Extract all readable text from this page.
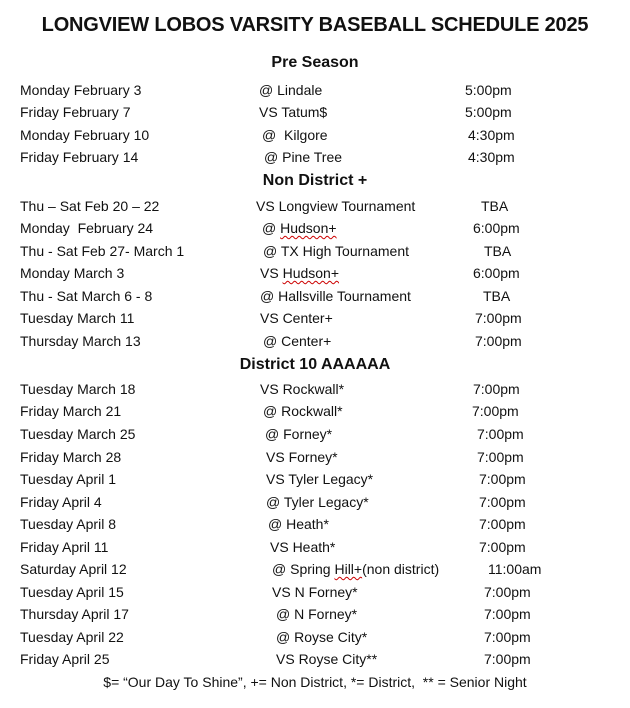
LONGVIEW LOBOS VARSITY BASEBALL SCHEDULE 2025
Pre Season
Monday February 3	@ Lindale	5:00pm
Friday February 7	VS Tatum$	5:00pm
Monday February 10	@  Kilgore	4:30pm
Friday February 14	@ Pine Tree	4:30pm
Non District +
Thu – Sat Feb 20 – 22	VS Longview Tournament	TBA
Monday  February 24	@ Hudson+	6:00pm
Thu - Sat Feb 27- March 1	@ TX High Tournament	TBA
Monday March 3	VS Hudson+	6:00pm
Thu - Sat March 6 - 8	@ Hallsville Tournament	TBA
Tuesday March 11	VS Center+	7:00pm
Thursday March 13	@ Center+	7:00pm
District 10 AAAAAA
Tuesday March 18	VS Rockwall*	7:00pm
Friday March 21	@ Rockwall*	7:00pm
Tuesday March 25	@ Forney*	7:00pm
Friday March 28	VS Forney*	7:00pm
Tuesday April 1	VS Tyler Legacy*	7:00pm
Friday April 4	@ Tyler Legacy*	7:00pm
Tuesday April 8	@ Heath*	7:00pm
Friday April 11	VS Heath*	7:00pm
Saturday April 12	@ Spring Hill+(non district)	11:00am
Tuesday April 15	VS N Forney*	7:00pm
Thursday April 17	@ N Forney*	7:00pm
Tuesday April 22	@ Royse City*	7:00pm
Friday April 25	VS Royse City**	7:00pm
$= “Our Day To Shine”, += Non District, *= District,  ** = Senior Night
